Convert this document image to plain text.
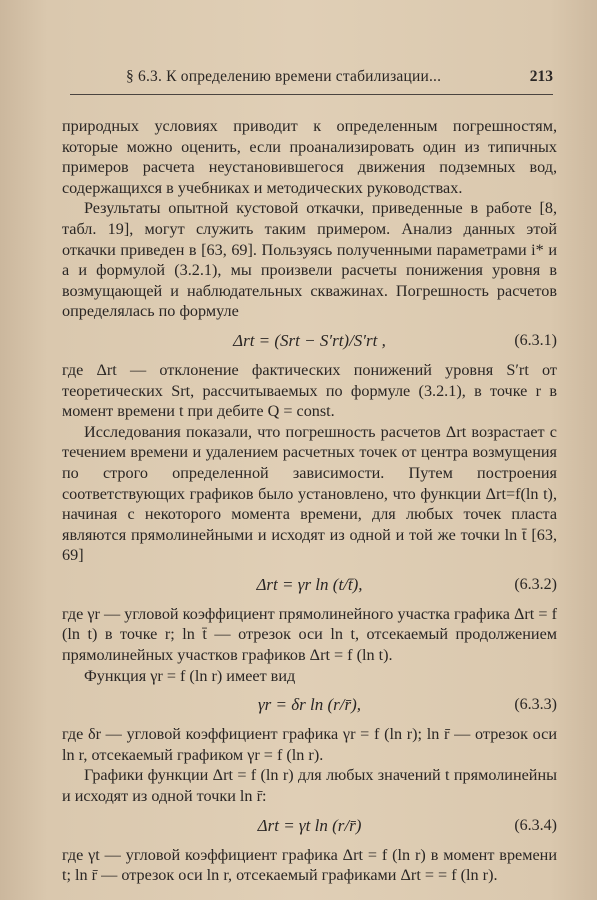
§ 6.3. К определению времени стабилизации...	213

природных условиях приводит к определенным погрешностям, которые можно оценить, если проанализировать один из типичных примеров расчета неустановившегося движения подземных вод, содержащихся в учебниках и методических руководствах.

Результаты опытной кустовой откачки, приведенные в работе [8, табл. 19], могут служить таким примером. Анализ данных этой откачки приведен в [63, 69]. Пользуясь полученными параметрами i* и a и формулой (3.2.1), мы произвели расчеты понижения уровня в возмущающей и наблюдательных скважинах. Погрешность расчетов определялась по формуле

Δrt = (Srt − S′rt)/S′rt ,	(6.3.1)

где Δrt — отклонение фактических понижений уровня S′rt от теоретических Srt, рассчитываемых по формуле (3.2.1), в точке r в момент времени t при дебите Q = const.

Исследования показали, что погрешность расчетов Δrt возрастает с течением времени и удалением расчетных точек от центра возмущения по строго определенной зависимости. Путем построения соответствующих графиков было установлено, что функции Δrt=f(ln t), начиная с некоторого момента времени, для любых точек пласта являются прямолинейными и исходят из одной и той же точки ln t̄ [63, 69]

Δrt = γr ln (t/t̄),	(6.3.2)

где γr — угловой коэффициент прямолинейного участка графика Δrt = f (ln t) в точке r; ln t̄ — отрезок оси ln t, отсекаемый продолжением прямолинейных участков графиков Δrt = f (ln t).

Функция γr = f (ln r) имеет вид

γr = δr ln (r/r̄),	(6.3.3)

где δr — угловой коэффициент графика γr = f (ln r); ln r̄ — отрезок оси ln r, отсекаемый графиком γr = f (ln r).

Графики функции Δrt = f (ln r) для любых значений t прямолинейны и исходят из одной точки ln r̄:

Δrt = γt ln (r/r̄)	(6.3.4)

где γt — угловой коэффициент графика Δrt = f (ln r) в момент времени t; ln r̄ — отрезок оси ln r, отсекаемый графиками Δrt = = f (ln r).
